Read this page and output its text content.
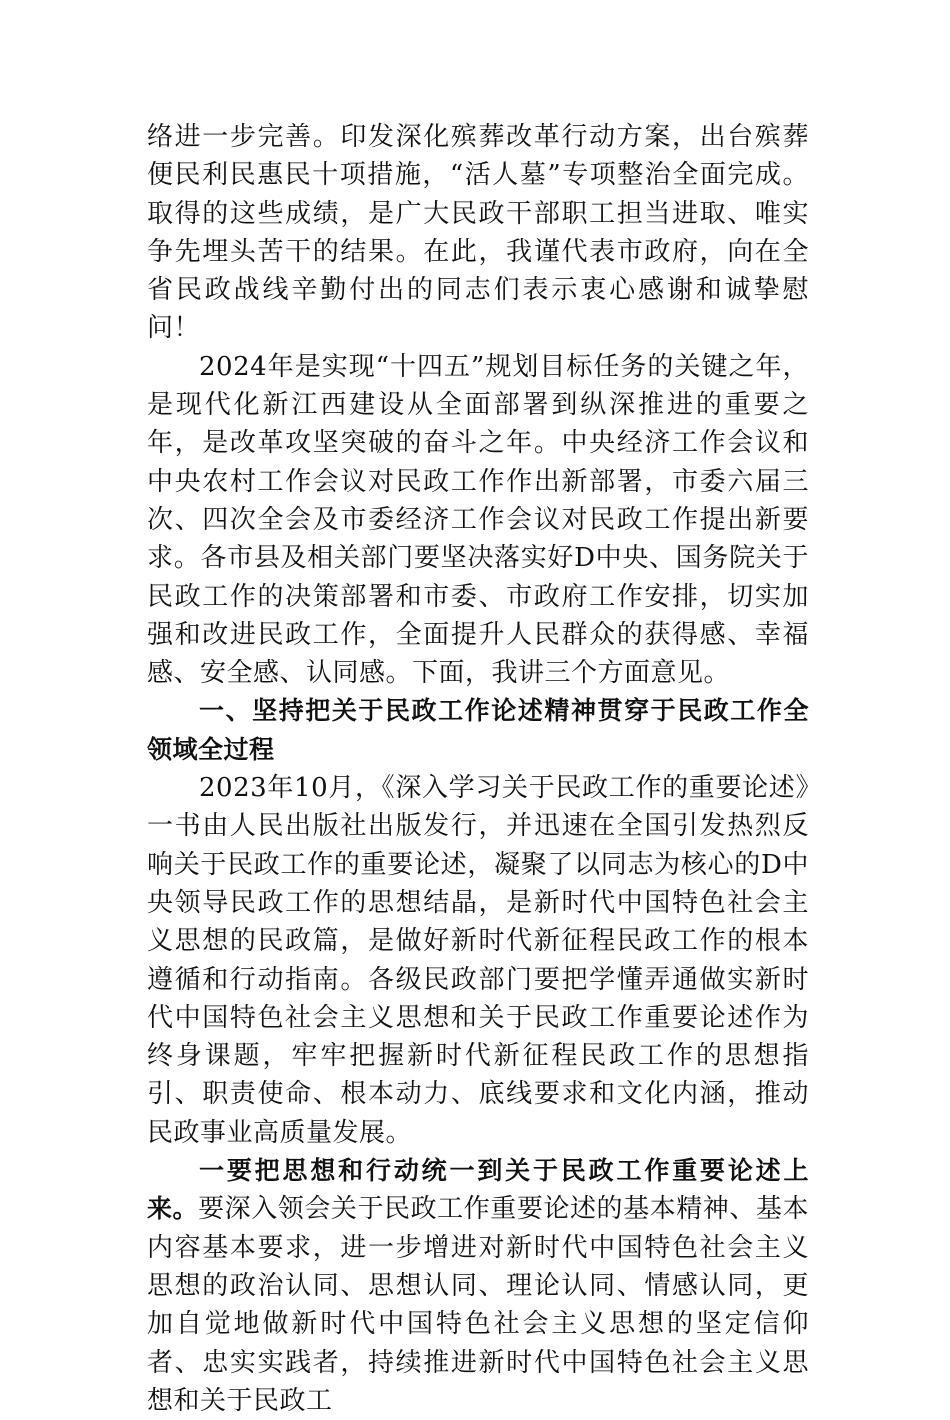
络进一步完善。印发深化殡葬改革行动方案，出台殡葬便民利民惠民十项措施，“活人墓”专项整治全面完成。取得的这些成绩，是广大民政干部职工担当进取、唯实争先埋头苦干的结果。在此，我谨代表市政府，向在全省民政战线辛勤付出的同志们表示衷心感谢和诚挚慰问！

2024年是实现“十四五”规划目标任务的关键之年，是现代化新江西建设从全面部署到纵深推进的重要之年，是改革攻坚突破的奋斗之年。中央经济工作会议和中央农村工作会议对民政工作作出新部署，市委六届三次、四次全会及市委经济工作会议对民政工作提出新要求。各市县及相关部门要坚决落实好D中央、国务院关于民政工作的决策部署和市委、市政府工作安排，切实加强和改进民政工作，全面提升人民群众的获得感、幸福感、安全感、认同感。下面，我讲三个方面意见。

一、坚持把关于民政工作论述精神贯穿于民政工作全领域全过程

2023年10月，《深入学习关于民政工作的重要论述》一书由人民出版社出版发行，并迅速在全国引发热烈反响关于民政工作的重要论述，凝聚了以同志为核心的D中央领导民政工作的思想结晶，是新时代中国特色社会主义思想的民政篇，是做好新时代新征程民政工作的根本遵循和行动指南。各级民政部门要把学懂弄通做实新时代中国特色社会主义思想和关于民政工作重要论述作为终身课题，牢牢把握新时代新征程民政工作的思想指引、职责使命、根本动力、底线要求和文化内涵，推动民政事业高质量发展。

一要把思想和行动统一到关于民政工作重要论述上来。要深入领会关于民政工作重要论述的基本精神、基本内容基本要求，进一步增进对新时代中国特色社会主义思想的政治认同、思想认同、理论认同、情感认同，更加自觉地做新时代中国特色社会主义思想的坚定信仰者、忠实实践者，持续推进新时代中国特色社会主义思想和关于民政工
